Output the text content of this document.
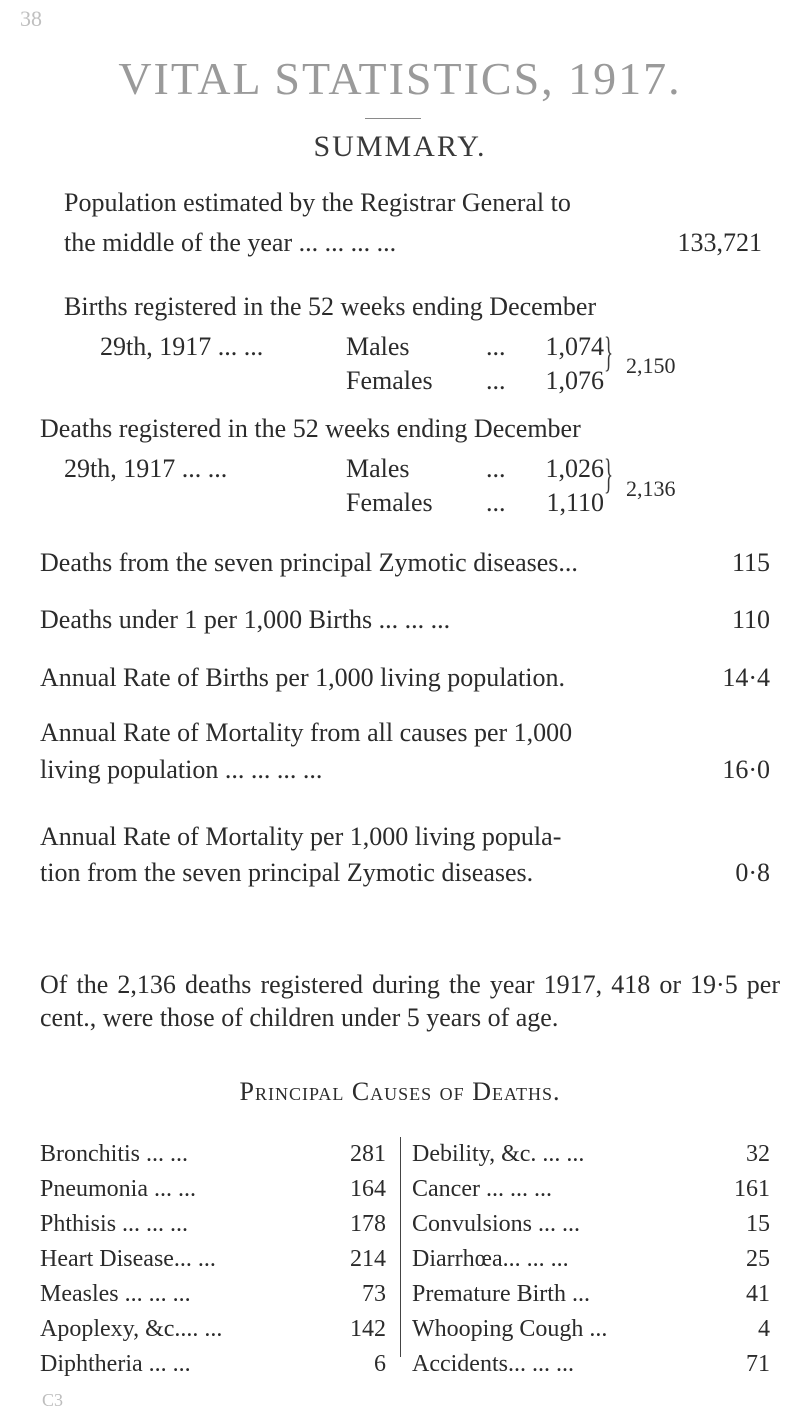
38
VITAL STATISTICS, 1917.
SUMMARY.
Population estimated by the Registrar General to
the middle of the year ... ... ... ...	133,721
Births registered in the 52 weeks ending December
29th, 1917 ... ...	Males	... 1,074
Females ... 1,076
} 2,150
Deaths registered in the 52 weeks ending December
29th, 1917 ... ...	Males	... 1,026
Females ... 1,110
} 2,136
Deaths from the seven principal Zymotic diseases...	115
Deaths under 1 per 1,000 Births ... ... ...	110
Annual Rate of Births per 1,000 living population.	14·4
Annual Rate of Mortality from all causes per 1,000
living population ... ... ... ...	16·0
Annual Rate of Mortality per 1,000 living popula-
tion from the seven principal Zymotic diseases.	0·8
Of the 2,136 deaths registered during the year 1917, 418 or 19·5 per cent., were those of children under 5 years of age.
Principal Causes of Deaths.
Bronchitis ... ...	281
Pneumonia ... ...	164
Phthisis ... ... ...	178
Heart Disease... ...	214
Measles ... ... ...	73
Apoplexy, &c.... ...	142
Diphtheria ... ...	6
Debility, &c. ... ...	32
Cancer ... ... ...	161
Convulsions ... ...	15
Diarrhœa... ... ...	25
Premature Birth ...	41
Whooping Cough ...	4
Accidents... ... ...	71
C3
